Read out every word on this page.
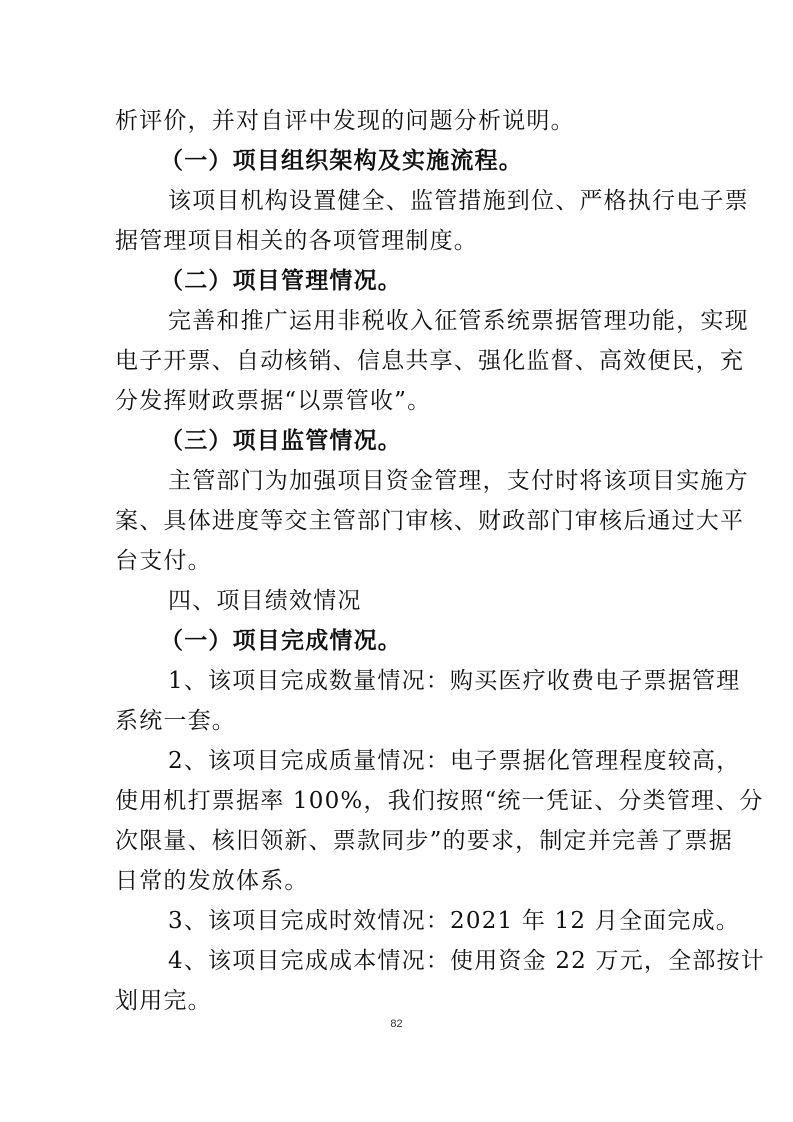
析评价，并对自评中发现的问题分析说明。
（一）项目组织架构及实施流程。
该项目机构设置健全、监管措施到位、严格执行电子票
据管理项目相关的各项管理制度。
（二）项目管理情况。
完善和推广运用非税收入征管系统票据管理功能，实现
电子开票、自动核销、信息共享、强化监督、高效便民，充
分发挥财政票据“以票管收”。
（三）项目监管情况。
主管部门为加强项目资金管理，支付时将该项目实施方
案、具体进度等交主管部门审核、财政部门审核后通过大平
台支付。
四、项目绩效情况
（一）项目完成情况。
1、该项目完成数量情况：购买医疗收费电子票据管理
系统一套。
2、该项目完成质量情况：电子票据化管理程度较高，
使用机打票据率 100%，我们按照“统一凭证、分类管理、分
次限量、核旧领新、票款同步”的要求，制定并完善了票据
日常的发放体系。
3、该项目完成时效情况：2021 年 12 月全面完成。
4、该项目完成成本情况：使用资金 22 万元，全部按计
划用完。
82
